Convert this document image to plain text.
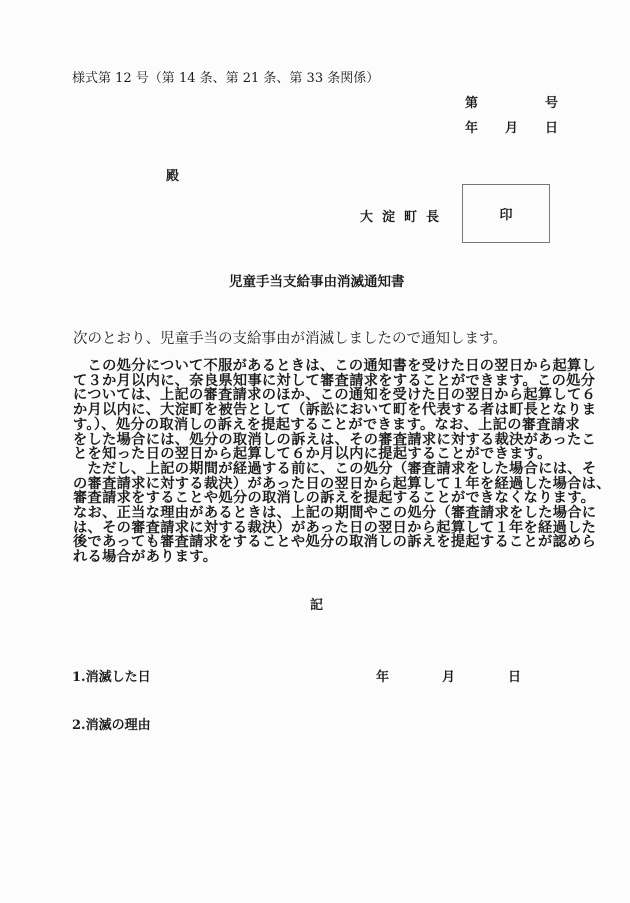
様式第 12 号（第 14 条、第 21 条、第 33 条関係）
第	号
年 月 日
殿
大淀町長	印
児童手当支給事由消滅通知書
次のとおり、児童手当の支給事由が消滅しましたので通知します。
　この処分について不服があるときは、この通知書を受けた日の翌日から起算し
て３か月以内に、奈良県知事に対して審査請求をすることができます。この処分
については、上記の審査請求のほか、この通知を受けた日の翌日から起算して６
か月以内に、大淀町を被告として（訴訟において町を代表する者は町長となりま
す。）、処分の取消しの訴えを提起することができます。なお、上記の審査請求
をした場合には、処分の取消しの訴えは、その審査請求に対する裁決があったこ
とを知った日の翌日から起算して６か月以内に提起することができます。
　ただし、上記の期間が経過する前に、この処分（審査請求をした場合には、そ
の審査請求に対する裁決）があった日の翌日から起算して１年を経過した場合は、
審査請求をすることや処分の取消しの訴えを提起することができなくなります。
なお、正当な理由があるときは、上記の期間やこの処分（審査請求をした場合に
は、その審査請求に対する裁決）があった日の翌日から起算して１年を経過した
後であっても審査請求をすることや処分の取消しの訴えを提起することが認めら
れる場合があります。
記
1.消滅した日	年	月	日
2.消滅の理由
